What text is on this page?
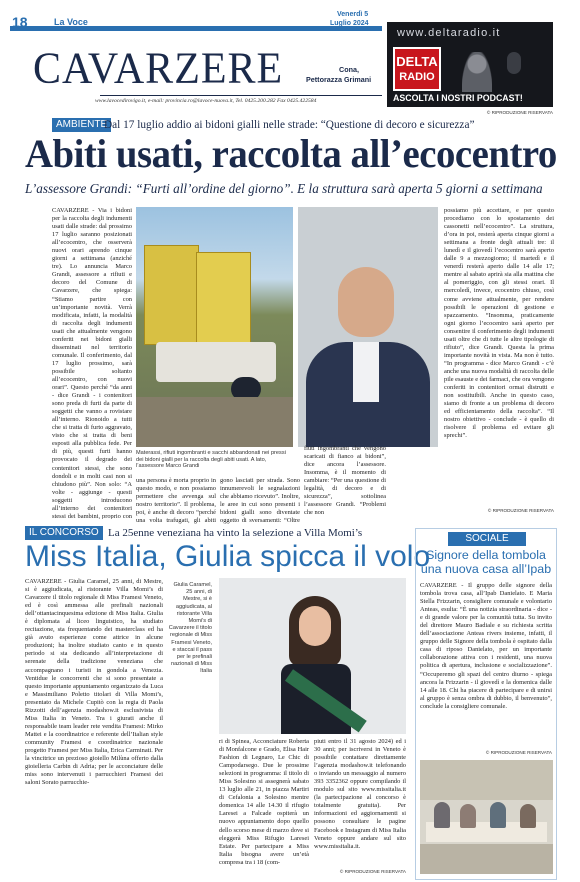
18	La Voce
Venerdì 5
Luglio 2024
CAVARZERE	Cona,
Pettorazza Grimani
www.lavocedirovigo.it, e-mail: provincia.ro@lavoce-nuova.it, Tel. 0425.200.282 Fax 0425.422584
www.deltaradio.it
DELTA
RADIO
ASCOLTA I NOSTRI PODCAST!
© RIPRODUZIONE RISERVATA
AMBIENTE
Dal 17 luglio addio ai bidoni gialli nelle strade: “Questione di decoro e sicurezza”
Abiti usati, raccolta all’ecocentro
L’assessore Grandi: “Furti all’ordine del giorno”. E la struttura sarà aperta 5 giorni a settimana

CAVARZERE - Via i bidoni per la raccolta degli indumenti usati dalle strade: dal prossimo 17 luglio saranno posizionati all’ecocentro, che osserverà nuovi orari aprendo cinque giorni a settimana (anziché tre). Lo annuncia Marco Grandi, assessore a rifiuti e decoro del Comune di Cavarzere, che spiega: “Stiamo partire con un’importante novità. Verrà modificata, infatti, la modalità di raccolta degli indumenti usati che attualmente vengono conferiti nei bidoni gialli disseminati nel territorio comunale. Il conferimento, dal 17 luglio prossimo, sarà possibile soltanto all’ecocentro, con nuovi orari”. Questo perché “da anni - dice Grandi - i contenitori sono preda di furti da parte di soggetti che vanno a rovistare all’interno. Rionoido a tutti che si tratta di furto aggravato, visto che si tratta di beni esposti alla pubblica fede. Per di più, questi furti hanno provocato il degrado dei contenitori stessi, che sono dondoli e in molti casi non si chiudono più”. Non solo: “A volte - aggiunge - questi soggetti introducono all’interno dei contenitori stessi dei bambini, proprio con

Materassi, rifiuti ingombranti e sacchi abbandonati nei pressi dei bidoni gialli per la raccolta degli abiti usati. A lato, l’assessore Marco Grandi

una persona è morta proprio in questo modo, e non possiamo permettere che avvenga sul nostro territorio”. Il problema, poi, è anche di decoro “perché una volta trafugati, gli abiti

gono lasciati per strada. Sono innumerevoli le segnalazioni che abbiamo ricevuto”. Inoltre, le aree in cui sono presenti i bidoni gialli sono diventate oggetto di sversamenti: “Oltre

fiuti ingombranti che vengono scaricati di fianco ai bidoni”, dice ancora l’assessore. Insomma, è il momento di cambiare: “Per una questione di legalità, di decoro e di sicurezza”, sottolinea l’assessore Grandi. “Problemi che non

possiamo più accettare, e per questo procediamo con lo spostamento dei cassonetti nell’ecocentro”. La struttura, d’ora in poi, resterà aperta cinque giorni a settimana a fronte degli attuali tre: il lunedì e il giovedì l’ecocentro sarà aperto dalle 9 a mezzogiorno; il martedì e il venerdì resterà aperto dalle 14 alle 17; mentre al sabato aprirà sia alla mattina che al pomeriggio, con gli stessi orari. Il mercoledì, invece, ecocentro chiuso, così come avviene attualmente, per rendere possibili le operazioni di gestione e spazzamento. “Insomma, praticamente ogni giorno l’ecocentro sarà aperto per consentire il conferimento degli indumenti usati oltre che di tutte le altre tipologie di rifiuto”, dice Grandi. Questa la prima importante novità in vista. Ma non è tutto. “In programma - dice Marco Grandi - c’è anche una nuova modalità di raccolta delle pile esauste e dei farmaci, che ora vengono conferiti in contenitori ormai distrutti e non sostituibili. Anche in questo caso, siamo di fronte a un problema di decoro ed efficientamento della raccolta”. “Il nostro obiettivo - conclude - è quello di risolvere il problema ed evitare gli sprechi”.

© RIPRODUZIONE RISERVATA
IL CONCORSO La 25enne veneziana ha vinto la selezione a Villa Momi’s
Miss Italia, Giulia spicca il volo

CAVARZERE - Giulia Caramel, 25 anni, di Mestre, si è aggiudicata, al ristorante Villa Momi’s di Cavarzere il titolo regionale di Miss Framesi Veneto, ed è così ammessa alle prefinali nazionali dell’ottantacinquesima edizione di Miss Italia. Giulia è diplomata al liceo linguistico, ha studiato recitazione, sta frequentando dei masterclass ed ha già avuto esperienze come attrice in alcune produzioni; ha inoltre studiato canto e in questo periodo si sta dedicando all’interpretazione di serenate della tradizione veneziana che accompagnano i turisti in gondola a Venezia. Ventidue le concorrenti che si sono presentate a questo importante appuntamento organizzato da Luca e Massimiliano Poletto titolari di Villa Momi’s, presentato da Michele Cupitò con la regia di Paola Rizzotti dell’agenzia modashow.it esclusivista di Miss Italia in Veneto. Tra i giurati anche il responsabile team leader rete vendita Framesi: Mirko Mattei e la coordinatrice e referente dell’Italian style community Framesi e coordinatrice nazionale progetto Framesi per Miss Italia, Erica Carminati. Per la vincitrice un prezioso gioiello Milùna offerto dalla gioielleria Carbin di Adria; per le acconciature delle miss sono intervenuti i parrucchieri Framesi dei saloni Sorato parrucchie-

Giulia Caramel, 25 anni, di Mestre, si è aggiudicata, al ristorante Villa Momi’s di Cavarzere il titolo regionale di Miss Framesi Veneto, e staccai il pass per le prefinali nazionali di Miss Italia

ri di Spinea, Acconciature Roberta di Monfalcone e Grado, Elisa Hair Fashion di Legnaro, Le Chic di Campodarsego. Due le prossime selezioni in programma: il titolo di Miss Solesino si assegnerà sabato 13 luglio alle 21, in piazza Martiri di Cefalonia a Solesino mentre domenica 14 alle 14.30 il rifugio Laresei a Falcade ospiterà un nuovo appuntamento dopo quello dello scorso mese di marzo dove si eleggerà Miss Rifugio Laresei Estate. Per partecipare a Miss Italia bisogna avere un’età compresa tra i 18 (com-

piuti entro il 31 agosto 2024) ed i 30 anni; per iscriversi in Veneto è possibile contattare direttamente l’agenzia modashow.it telefonando o inviando un messaggio al numero 393 3352362 oppure compilando il modulo sul sito www.missitalia.it (la partecipazione al concorso è totalmente gratuita). Per informazioni ed aggiornamenti si possono consultare le pagine Facebook e Instagram di Miss Italia Veneto oppure andare sul sito www.missitalia.it.

© RIPRODUZIONE RISERVATA
SOCIALE
Signore della tombola una nuova casa all’Ipab

CAVARZERE - Il gruppo delle signore della tombola trova casa, all’Ipab Danielato. E Maria Stella Frizzarin, consigliere comunale e volontario Anteas, esulta: “È una notizia straordinaria - dice - e di grande valore per la comunità tutta. Su invito del direttore Mauro Badiale e su richiesta scritta dell’associazione Anteas rivers insieme, infatti, il gruppo delle Signore della tombola è ospitato dalla casa di riposo Danielato, per un importante collaborazione attiva con i residenti, una nuova politica di apertura, inclusione e socializzazione”. “Occuperemo gli spazi del centro diurno - spiega ancora la Frizzarin - il giovedì e la domenica dalle 14 alle 18. Chi ha piacere di partecipare e di unirsi al gruppo è senza ombra di dubbio, il benvenuto”, conclude la consigliere comunale.

© RIPRODUZIONE RISERVATA
